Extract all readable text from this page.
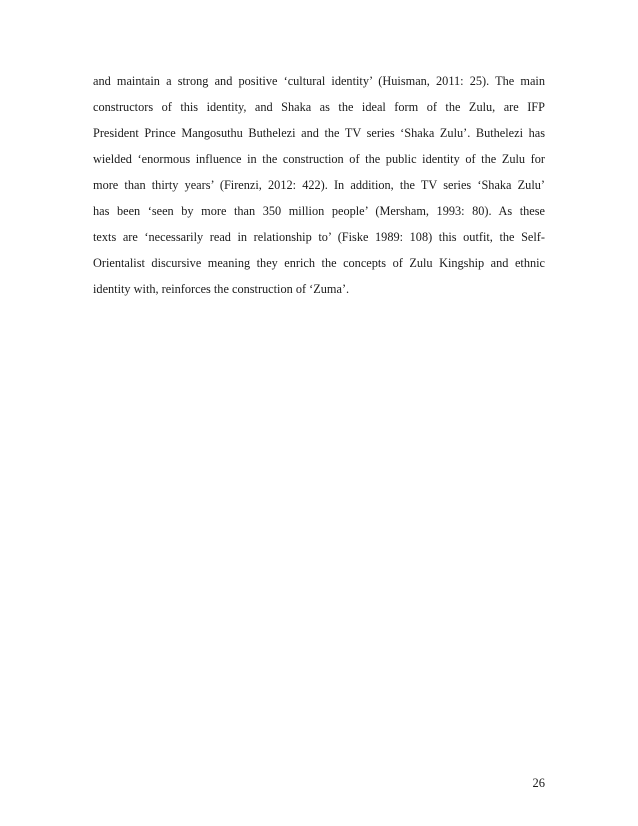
and maintain a strong and positive ‘cultural identity’ (Huisman, 2011: 25). The main
constructors of this identity, and Shaka as the ideal form of the Zulu, are IFP
President Prince Mangosuthu Buthelezi and the TV series ‘Shaka Zulu’. Buthelezi has
wielded ‘enormous influence in the construction of the public identity of the Zulu for
more than thirty years’ (Firenzi, 2012: 422). In addition, the TV series ‘Shaka Zulu’
has been ‘seen by more than 350 million people’ (Mersham, 1993: 80). As these
texts are ‘necessarily read in relationship to’ (Fiske 1989: 108) this outfit, the Self-
Orientalist discursive meaning they enrich the concepts of Zulu Kingship and ethnic
identity with, reinforces the construction of ‘Zuma’.

26
